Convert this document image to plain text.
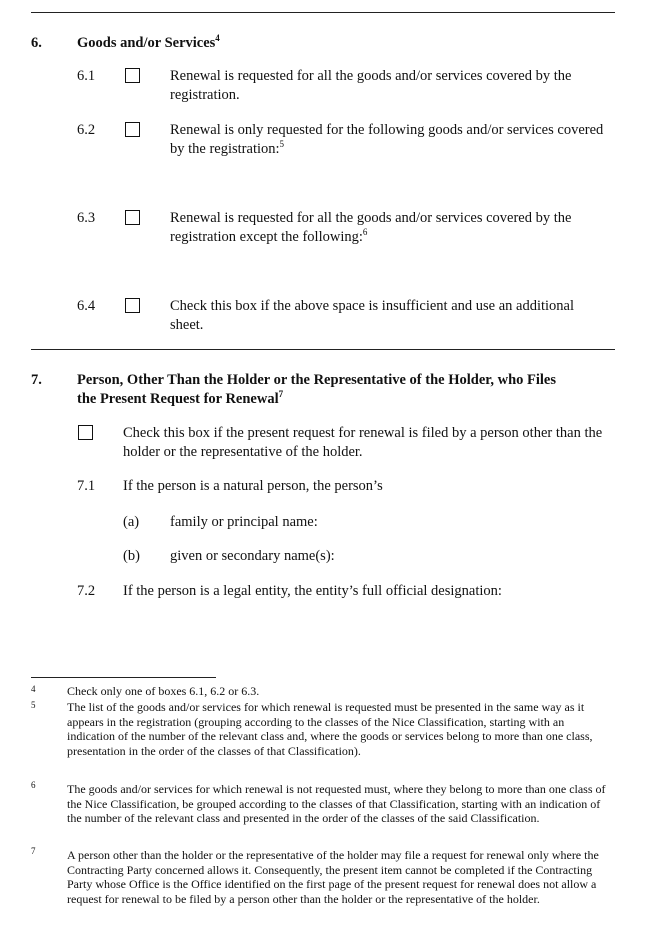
6. Goods and/or Services$^4$
6.1	Renewal is requested for all the goods and/or services covered by the registration.
6.2	Renewal is only requested for the following goods and/or services covered by the registration:$^5$
6.3	Renewal is requested for all the goods and/or services covered by the registration except the following:$^6$
6.4	Check this box if the above space is insufficient and use an additional sheet.
7. Person, Other Than the Holder or the Representative of the Holder, who Files
the Present Request for Renewal$^7$
Check this box if the present request for renewal is filed by a person other than the holder or the representative of the holder.
7.1 If the person is a natural person, the person’s
(a) family or principal name:
(b) given or secondary name(s):
7.2 If the person is a legal entity, the entity’s full official designation:
4	Check only one of boxes 6.1, 6.2 or 6.3.
5	The list of the goods and/or services for which renewal is requested must be presented in the same way as it appears in the registration (grouping according to the classes of the Nice Classification, starting with an indication of the number of the relevant class and, where the goods or services belong to more than one class, presentation in the order of the classes of that Classification).
6	The goods and/or services for which renewal is not requested must, where they belong to more than one class of the Nice Classification, be grouped according to the classes of that Classification, starting with an indication of the number of the relevant class and presented in the order of the classes of the said Classification.
7	A person other than the holder or the representative of the holder may file a request for renewal only where the Contracting Party concerned allows it. Consequently, the present item cannot be completed if the Contracting Party whose Office is the Office identified on the first page of the present request for renewal does not allow a request for renewal to be filed by a person other than the holder or the representative of the holder.
